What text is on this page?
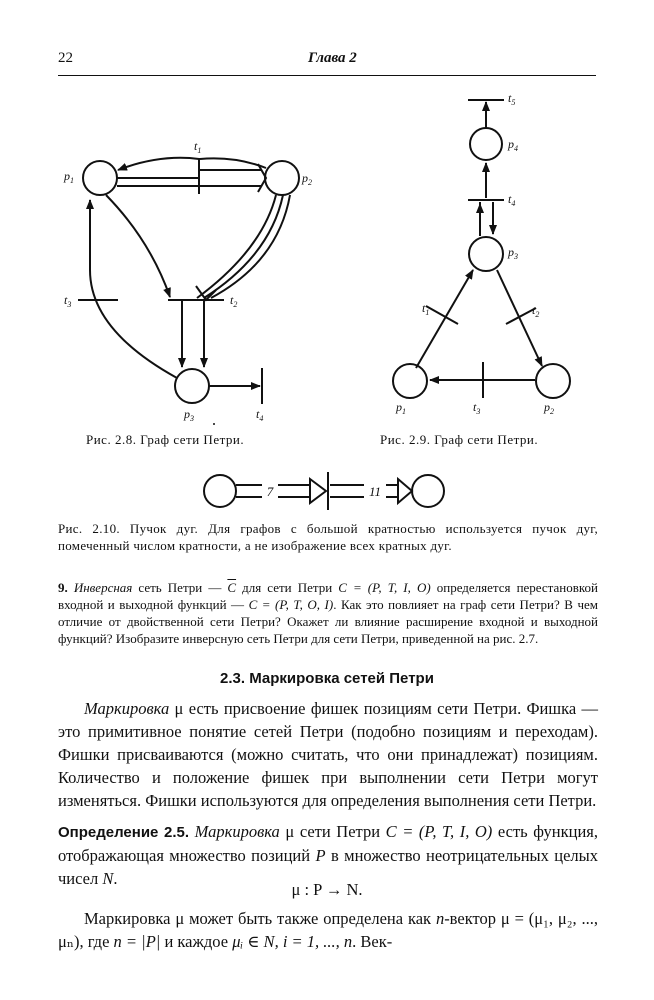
22	Глава 2
$p_1$	$p_2$
$p_3$
$t_1$
$t_2$
$t_3$
$t_4$
Рис. 2.8. Граф сети Петри.
$t_5$
$p_4$
$t_4$
$p_3$
$t_1$	$t_2$
$p_1$	$t_3$	$p_2$
Рис. 2.9. Граф сети Петри.
7	11
Рис. 2.10. Пучок дуг. Для графов с большой кратностью используется пучок дуг, помеченный числом кратности, а не изображение всех кратных дуг.
9. Инверсная сеть Петри — $\overline{C}$ для сети Петри C = (P, T, I, O) определяется перестановкой входной и выходной функций — C = (P, T, O, I). Как это повлияет на граф сети Петри? В чем отличие от двойственной сети Петри? Окажет ли влияние расширение входной и выходной функций? Изобразите инверсную сеть Петри для сети Петри, приведенной на рис. 2.7.
2.3. Маркировка сетей Петри
Маркировка μ есть присвоение фишек позициям сети Петри. Фишка — это примитивное понятие сетей Петри (подобно позициям и переходам). Фишки присваиваются (можно считать, что они принадлежат) позициям. Количество и положение фишек при выполнении сети Петри могут изменяться. Фишки используются для определения выполнения сети Петри.
Определение 2.5. Маркировка μ сети Петри C = (P, T, I, O) есть функция, отображающая множество позиций P в множество неотрицательных целых чисел N.
μ : P → N.
Маркировка μ может быть также определена как n-вектор μ = (μ₁, μ₂, ..., μₙ), где n = |P| и каждое μᵢ ∈ N, i = 1, ..., n. Век-
